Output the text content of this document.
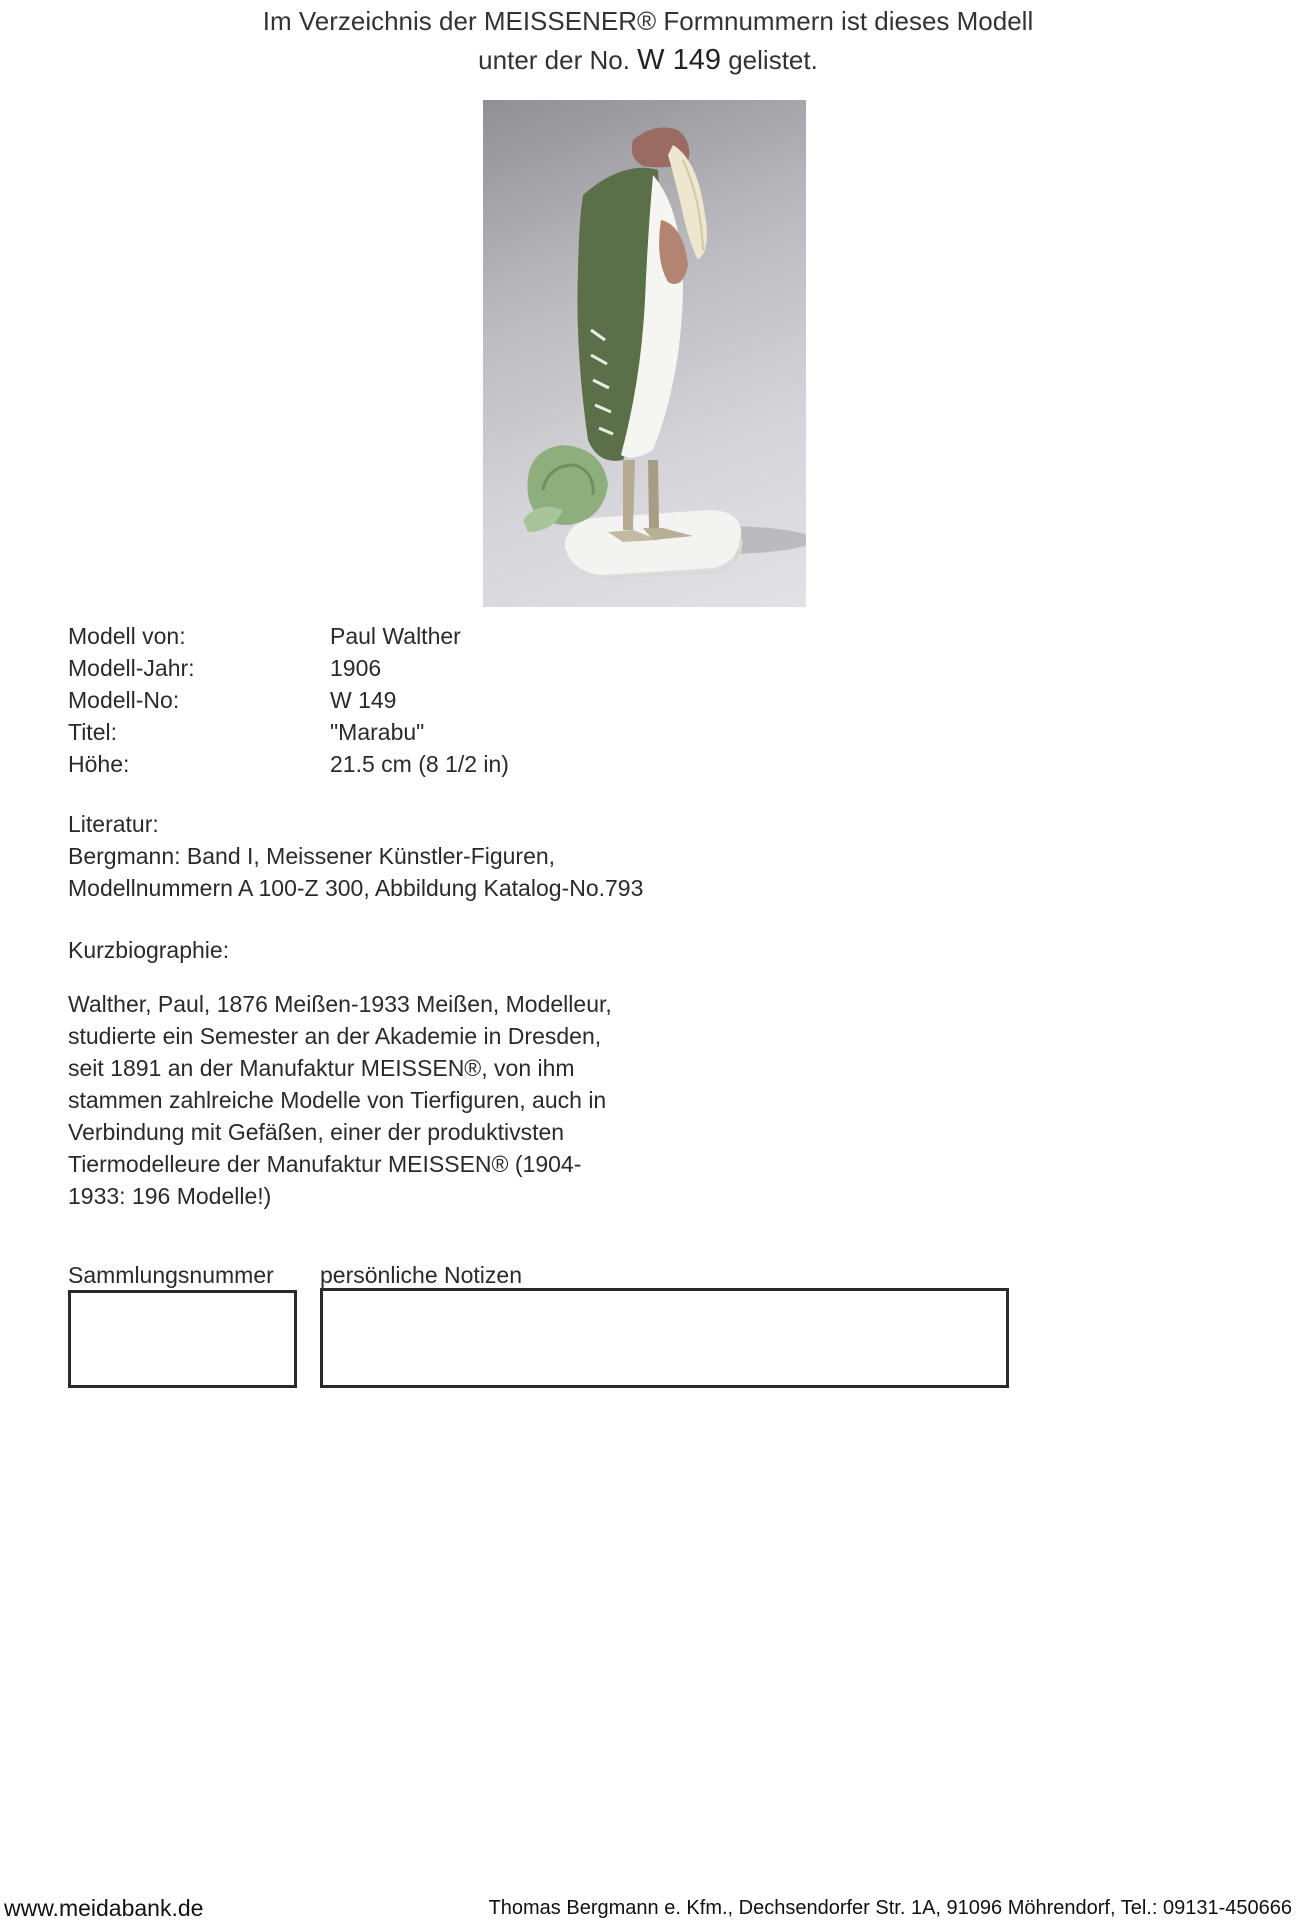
Im Verzeichnis der MEISSENER® Formnummern ist dieses Modell
unter der No. W 149 gelistet.
Modell von:	Paul Walther
Modell-Jahr:	1906
Modell-No:	W 149
Titel:	"Marabu"
Höhe:	21.5 cm (8 1/2 in)
Literatur:
Bergmann: Band I, Meissener Künstler-Figuren,
Modellnummern A 100-Z 300, Abbildung Katalog-No.793
Kurzbiographie:
Walther, Paul, 1876 Meißen-1933 Meißen, Modelleur,
studierte ein Semester an der Akademie in Dresden,
seit 1891 an der Manufaktur MEISSEN®, von ihm
stammen zahlreiche Modelle von Tierfiguren, auch in
Verbindung mit Gefäßen, einer der produktivsten
Tiermodelleure der Manufaktur MEISSEN® (1904-
1933: 196 Modelle!)
Sammlungsnummer persönliche Notizen
www.meidabank.de	Thomas Bergmann e. Kfm., Dechsendorfer Str. 1A, 91096 Möhrendorf, Tel.: 09131-450666
